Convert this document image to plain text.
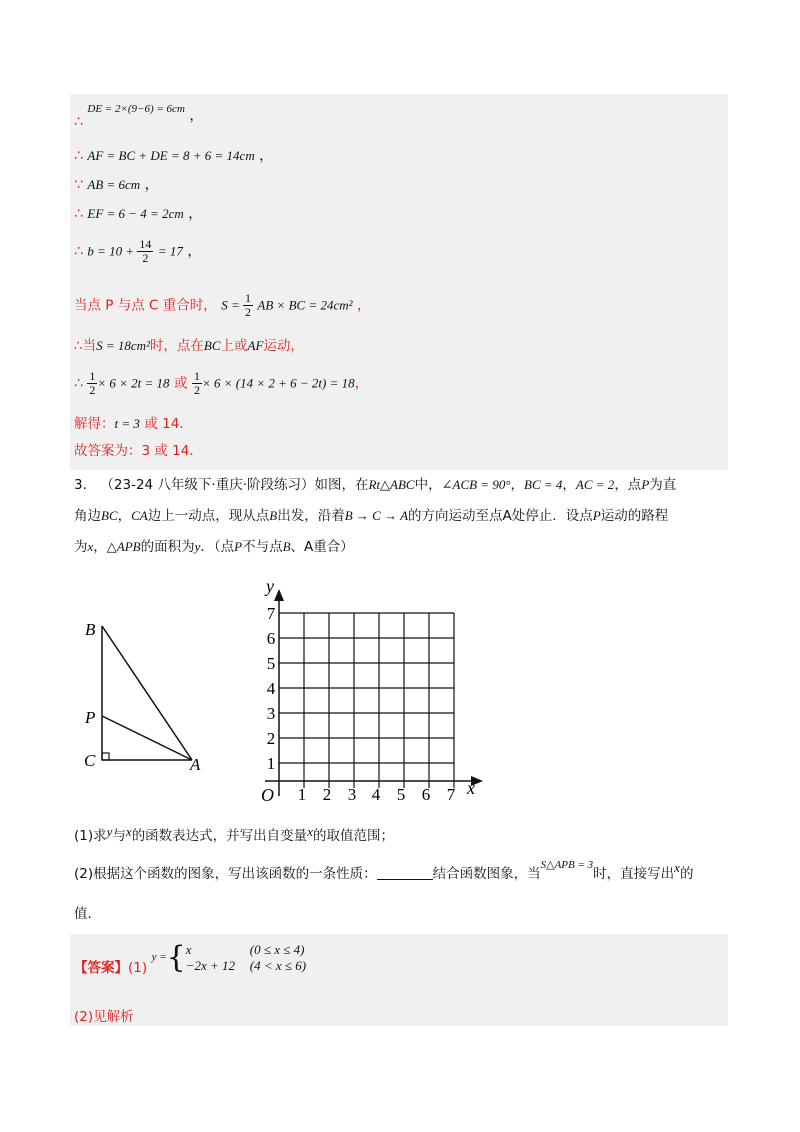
∴ DE = 2×(9−6) = 6cm ，
∴ AF = BC + DE = 8 + 6 = 14cm ，
∵ AB = 6cm ，
∴ EF = 6 − 4 = 2cm ，
∴ $b = 10 + \frac{14}{2} = 17$ ，
当点 P 与点 C 重合时， $S = \frac{1}{2}$ AB × BC = 24cm² ，
∴当S = 18cm²时，点在BC上或AF运动，
∴ $\frac{1}{2} \times 6 \times 2t = 18$ 或 $\frac{1}{2} \times 6 \times (14 \times 2 + 6 - 2t) = 18$，
解得：t = 3 或 14．
故答案为：3 或 14．
3． （23-24 八年级下·重庆·阶段练习）如图，在Rt△ABC中，∠ACB = 90°，BC = 4，AC = 2，点P为直
角边BC，CA边上一动点，现从点B出发，沿着B → C → A的方向运动至点A处停止．设点P运动的路程
为x，△APB的面积为y．（点P不与点B、A重合）
B
P
C	A
y
x
O 1 2 3 4 5 6 7
1
2
3
4
5
6
7
(1)求y与x的函数表达式，并写出自变量x的取值范围；
(2)根据这个函数的图象，写出该函数的一条性质：	结合函数图象，当$^{S\triangle APB = 3}$时，直接写出x的
值．
【答案】(1) y ={ x	(0 ≤ x ≤ 4)
−2x + 12 (4 < x ≤ 6)
(2)见解析
